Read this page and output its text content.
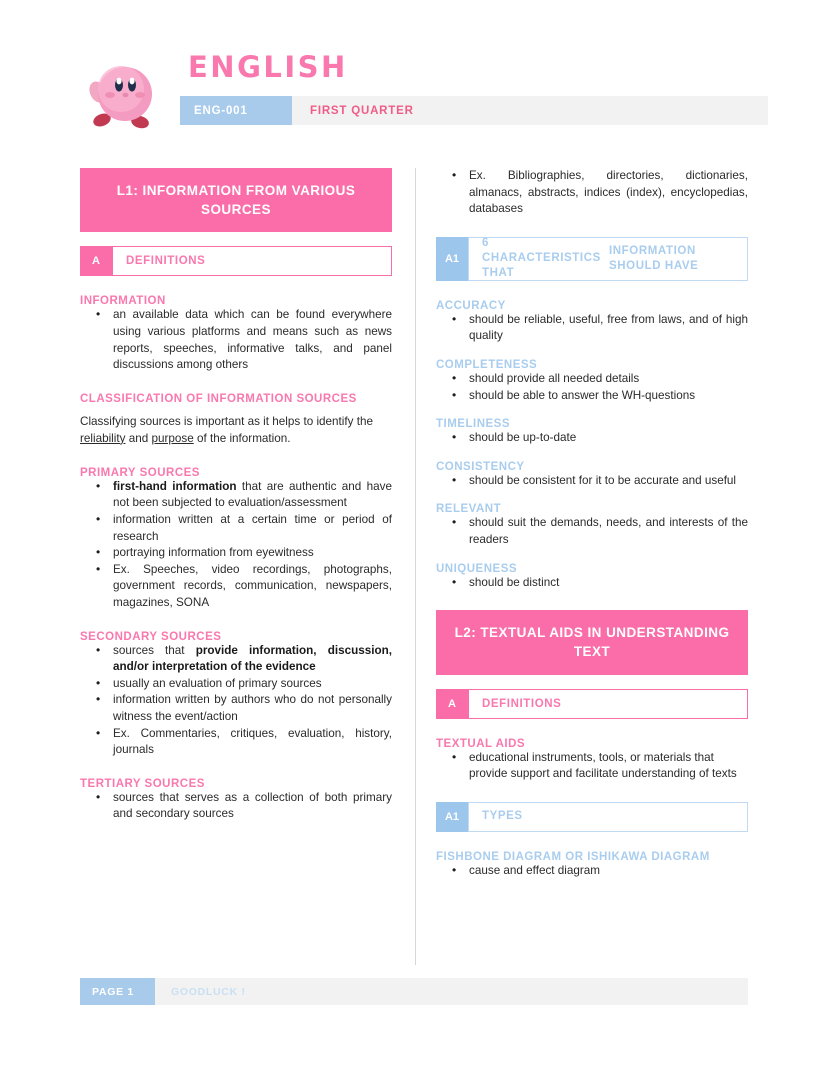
ENGLISH
ENG-001	FIRST QUARTER
L1: INFORMATION FROM VARIOUS SOURCES
A	DEFINITIONS
INFORMATION
• an available data which can be found everywhere using various platforms and means such as news reports, speeches, informative talks, and panel discussions among others
CLASSIFICATION OF INFORMATION SOURCES

Classifying sources is important as it helps to identify the reliability and purpose of the information.

PRIMARY SOURCES
• first-hand information that are authentic and have not been subjected to evaluation/assessment
• information written at a certain time or period of research
• portraying information from eyewitness
• Ex. Speeches, video recordings, photographs, government records, communication, newspapers, magazines, SONA
SECONDARY SOURCES
• sources that provide information, discussion, and/or interpretation of the evidence
• usually an evaluation of primary sources
• information written by authors who do not personally witness the event/action
• Ex. Commentaries, critiques, evaluation, history, journals
TERTIARY SOURCES
• sources that serves as a collection of both primary and secondary sources
• Ex. Bibliographies, directories, dictionaries, almanacs, abstracts, indices (index), encyclopedias, databases
A1
6 CHARACTERISTICS THAT
INFORMATION SHOULD HAVE
ACCURACY
• should be reliable, useful, free from laws, and of high quality
COMPLETENESS
• should provide all needed details
• should be able to answer the WH-questions
TIMELINESS
• should be up-to-date
CONSISTENCY
• should be consistent for it to be accurate and useful
RELEVANT
• should suit the demands, needs, and interests of the readers
UNIQUENESS
• should be distinct
L2: TEXTUAL AIDS IN UNDERSTANDING TEXT
A	DEFINITIONS
TEXTUAL AIDS
• educational instruments, tools, or materials that provide support and facilitate understanding of texts
A1	TYPES
FISHBONE DIAGRAM OR ISHIKAWA DIAGRAM
• cause and effect diagram
PAGE 1	GOODLUCK !
